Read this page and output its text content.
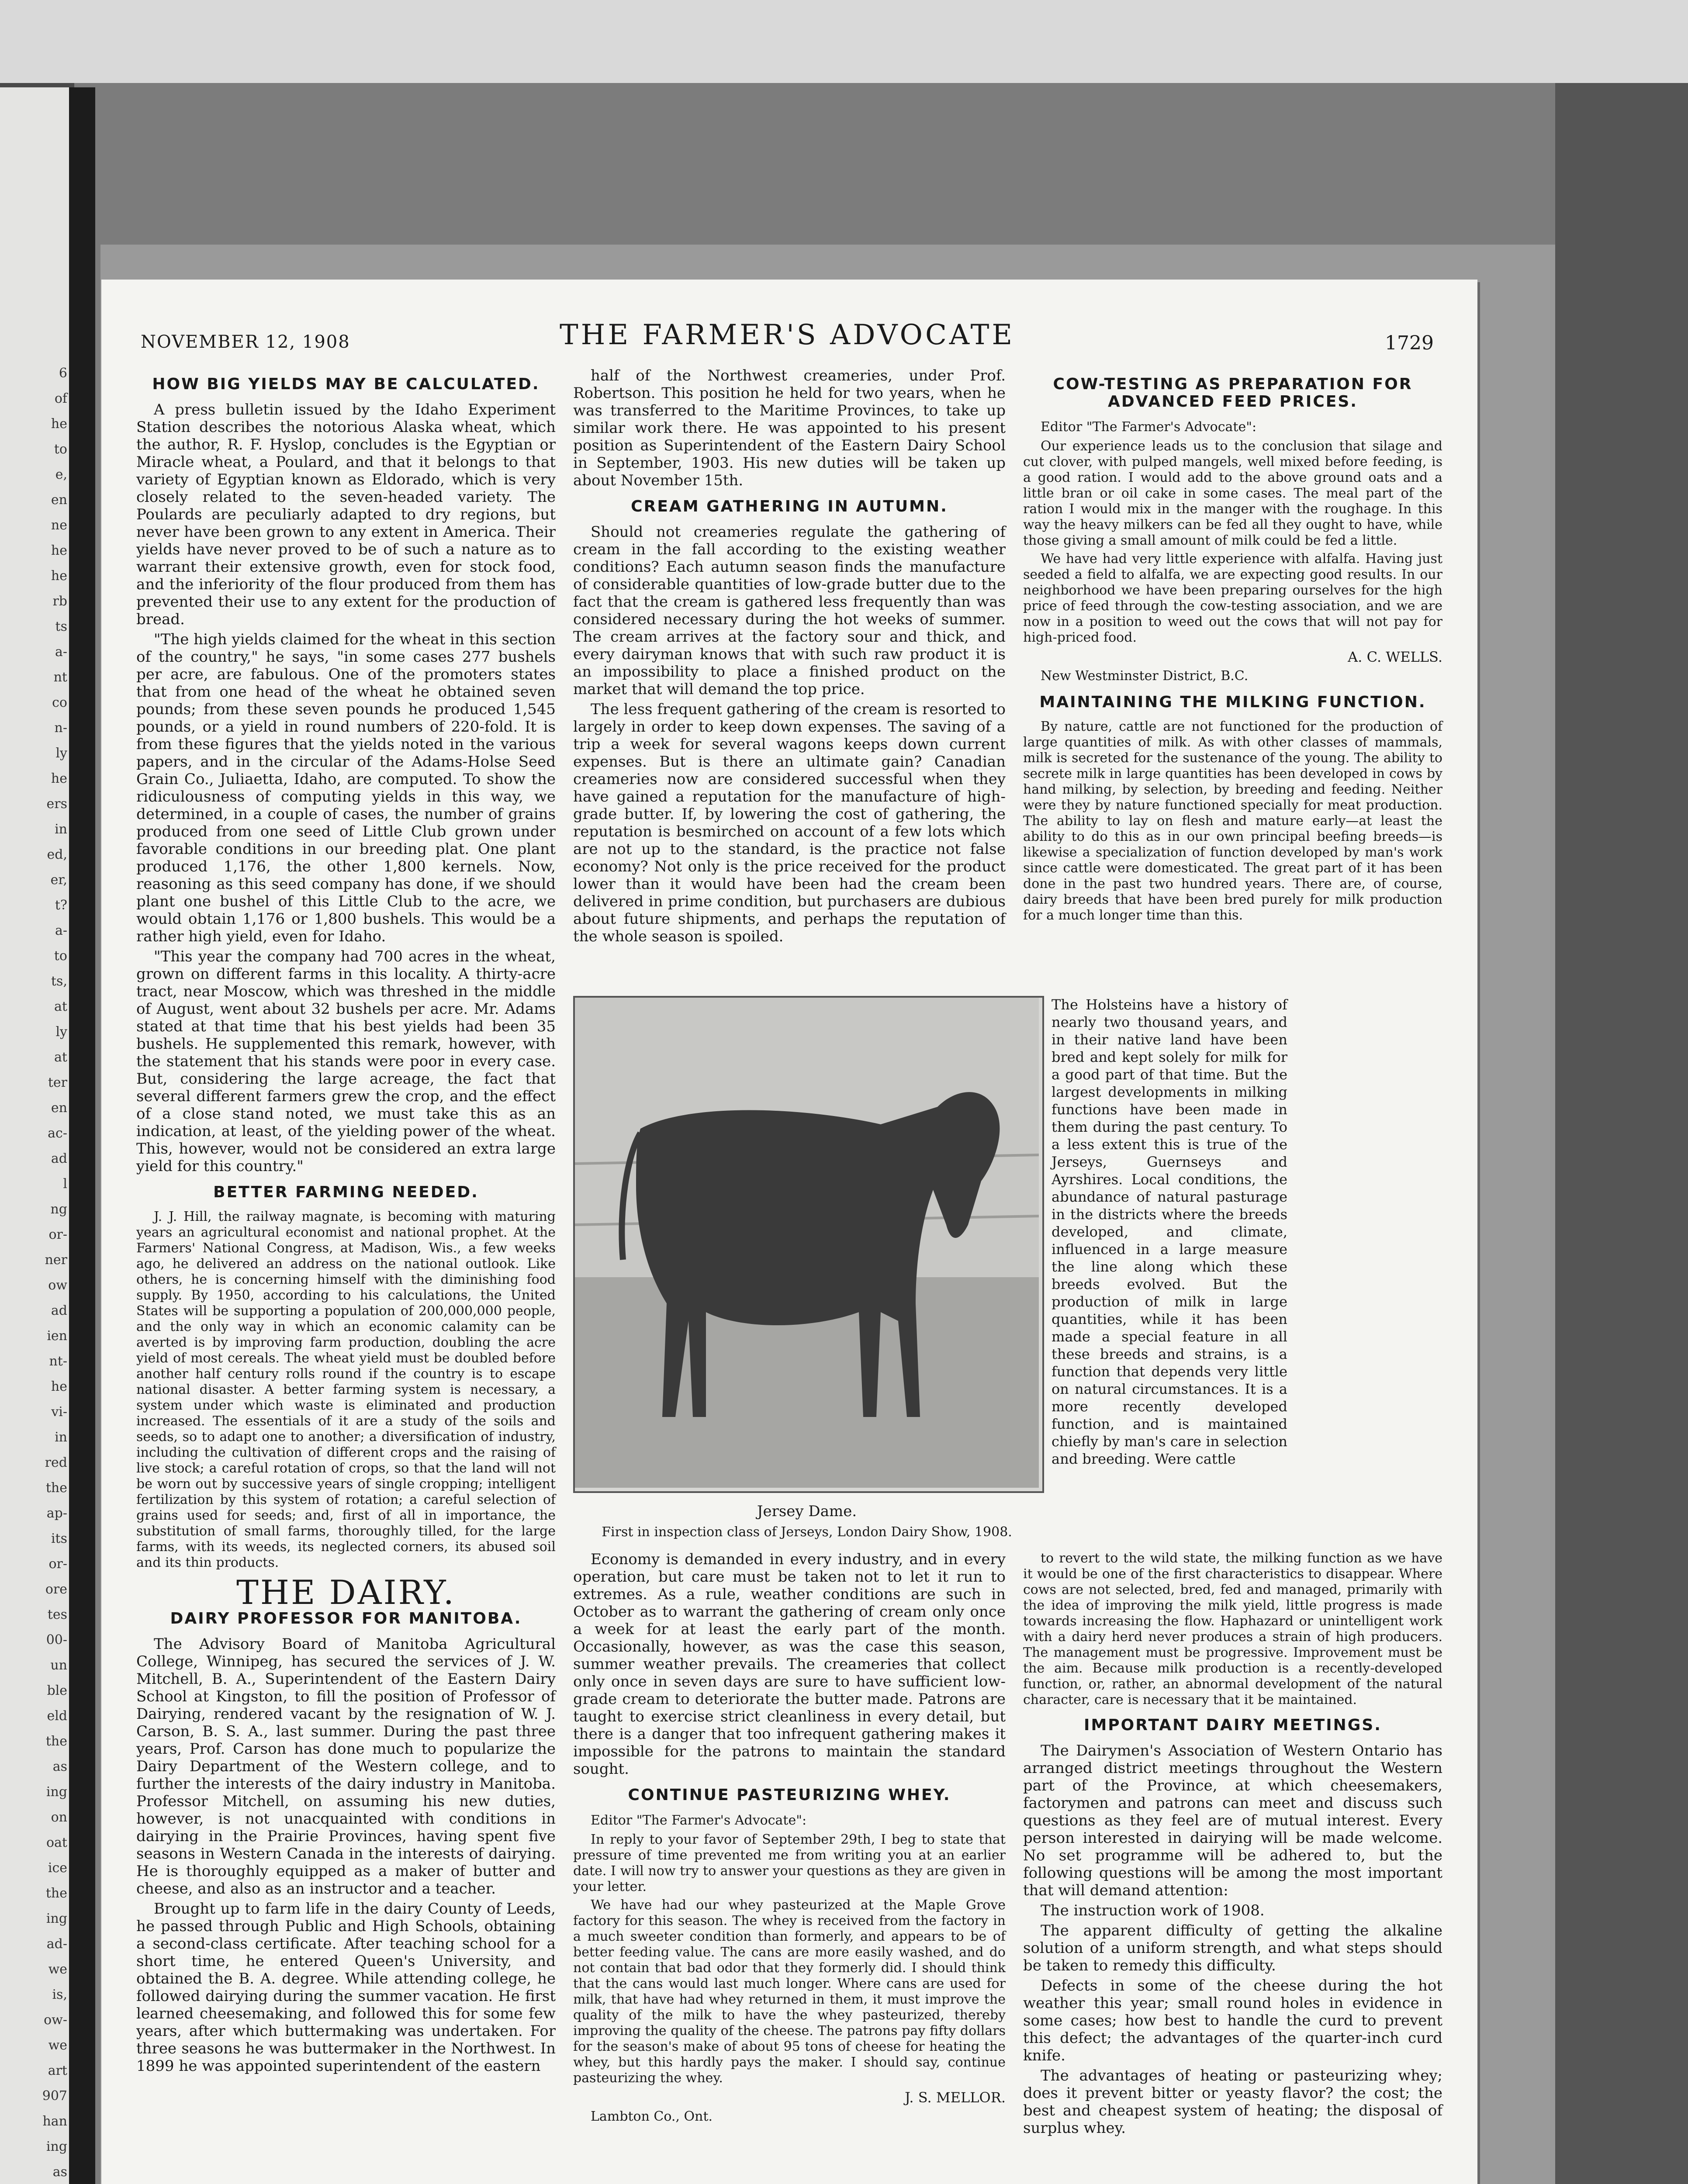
6
of
he
to
e,
en
ne
he
he
rb
ts
a-
nt
co
n-
ly
he
ers
in
ed,
er,
t?
a-
to
ts,
at
ly
at
ter
en
ac-
ad
l
ng
or-
ner
ow
ad
ien
nt-
he
vi-
in
red
the
ap-
its
or-
ore
tes
00-
un
ble
eld
the
as
ing
on
oat
ice
the
ing
ad-
we
is,
ow-
we
art
907
han
ing
as
NOVEMBER 12, 1908	THE FARMER'S ADVOCATE	1729
HOW BIG YIELDS MAY BE CALCULATED.

A press bulletin issued by the Idaho Experiment Station describes the notorious Alaska wheat, which the author, R. F. Hyslop, concludes is the Egyptian or Miracle wheat, a Poulard, and that it belongs to that variety of Egyptian known as Eldorado, which is very closely related to the seven-headed variety. The Poulards are peculiarly adapted to dry regions, but never have been grown to any extent in America. Their yields have never proved to be of such a nature as to warrant their extensive growth, even for stock food, and the inferiority of the flour produced from them has prevented their use to any extent for the production of bread.

"The high yields claimed for the wheat in this section of the country," he says, "in some cases 277 bushels per acre, are fabulous. One of the promoters states that from one head of the wheat he obtained seven pounds; from these seven pounds he produced 1,545 pounds, or a yield in round numbers of 220-fold. It is from these figures that the yields noted in the various papers, and in the circular of the Adams-Holse Seed Grain Co., Juliaetta, Idaho, are computed. To show the ridiculousness of computing yields in this way, we determined, in a couple of cases, the number of grains produced from one seed of Little Club grown under favorable conditions in our breeding plat. One plant produced 1,176, the other 1,800 kernels. Now, reasoning as this seed company has done, if we should plant one bushel of this Little Club to the acre, we would obtain 1,176 or 1,800 bushels. This would be a rather high yield, even for Idaho.

"This year the company had 700 acres in the wheat, grown on different farms in this locality. A thirty-acre tract, near Moscow, which was threshed in the middle of August, went about 32 bushels per acre. Mr. Adams stated at that time that his best yields had been 35 bushels. He supplemented this remark, however, with the statement that his stands were poor in every case. But, considering the large acreage, the fact that several different farmers grew the crop, and the effect of a close stand noted, we must take this as an indication, at least, of the yielding power of the wheat. This, however, would not be considered an extra large yield for this country."

BETTER FARMING NEEDED.

J. J. Hill, the railway magnate, is becoming with maturing years an agricultural economist and national prophet. At the Farmers' National Congress, at Madison, Wis., a few weeks ago, he delivered an address on the national outlook. Like others, he is concerning himself with the diminishing food supply. By 1950, according to his calculations, the United States will be supporting a population of 200,000,000 people, and the only way in which an economic calamity can be averted is by improving farm production, doubling the acre yield of most cereals. The wheat yield must be doubled before another half century rolls round if the country is to escape national disaster. A better farming system is necessary, a system under which waste is eliminated and production increased. The essentials of it are a study of the soils and seeds, so to adapt one to another; a diversification of industry, including the cultivation of different crops and the raising of live stock; a careful rotation of crops, so that the land will not be worn out by successive years of single cropping; intelligent fertilization by this system of rotation; a careful selection of grains used for seeds; and, first of all in importance, the substitution of small farms, thoroughly tilled, for the large farms, with its weeds, its neglected corners, its abused soil and its thin products.

THE DAIRY.
DAIRY PROFESSOR FOR MANITOBA.

The Advisory Board of Manitoba Agricultural College, Winnipeg, has secured the services of J. W. Mitchell, B. A., Superintendent of the Eastern Dairy School at Kingston, to fill the position of Professor of Dairying, rendered vacant by the resignation of W. J. Carson, B. S. A., last summer. During the past three years, Prof. Carson has done much to popularize the Dairy Department of the Western college, and to further the interests of the dairy industry in Manitoba. Professor Mitchell, on assuming his new duties, however, is not unacquainted with conditions in dairying in the Prairie Provinces, having spent five seasons in Western Canada in the interests of dairying. He is thoroughly equipped as a maker of butter and cheese, and also as an instructor and a teacher.

Brought up to farm life in the dairy County of Leeds, he passed through Public and High Schools, obtaining a second-class certificate. After teaching school for a short time, he entered Queen's University, and obtained the B. A. degree. While attending college, he followed dairying during the summer vacation. He first learned cheesemaking, and followed this for some few years, after which buttermaking was undertaken. For three seasons he was buttermaker in the Northwest. In 1899 he was appointed superintendent of the eastern

half of the Northwest creameries, under Prof. Robertson. This position he held for two years, when he was transferred to the Maritime Provinces, to take up similar work there. He was appointed to his present position as Superintendent of the Eastern Dairy School in September, 1903. His new duties will be taken up about November 15th.

CREAM GATHERING IN AUTUMN.

Should not creameries regulate the gathering of cream in the fall according to the existing weather conditions? Each autumn season finds the manufacture of considerable quantities of low-grade butter due to the fact that the cream is gathered less frequently than was considered necessary during the hot weeks of summer. The cream arrives at the factory sour and thick, and every dairyman knows that with such raw product it is an impossibility to place a finished product on the market that will demand the top price.

The less frequent gathering of the cream is resorted to largely in order to keep down expenses. The saving of a trip a week for several wagons keeps down current expenses. But is there an ultimate gain? Canadian creameries now are considered successful when they have gained a reputation for the manufacture of high-grade butter. If, by lowering the cost of gathering, the reputation is besmirched on account of a few lots which are not up to the standard, is the practice not false economy? Not only is the price received for the product lower than it would have been had the cream been delivered in prime condition, but purchasers are dubious about future shipments, and perhaps the reputation of the whole season is spoiled.

COW-TESTING AS PREPARATION FOR ADVANCED FEED PRICES.
Editor "The Farmer's Advocate":

Our experience leads us to the conclusion that silage and cut clover, with pulped mangels, well mixed before feeding, is a good ration. I would add to the above ground oats and a little bran or oil cake in some cases. The meal part of the ration I would mix in the manger with the roughage. In this way the heavy milkers can be fed all they ought to have, while those giving a small amount of milk could be fed a little.

We have had very little experience with alfalfa. Having just seeded a field to alfalfa, we are expecting good results. In our neighborhood we have been preparing ourselves for the high price of feed through the cow-testing association, and we are now in a position to weed out the cows that will not pay for high-priced food.

A. C. WELLS.
New Westminster District, B.C.
MAINTAINING THE MILKING FUNCTION.

By nature, cattle are not functioned for the production of large quantities of milk. As with other classes of mammals, milk is secreted for the sustenance of the young. The ability to secrete milk in large quantities has been developed in cows by hand milking, by selection, by breeding and feeding. Neither were they by nature functioned specially for meat production. The ability to lay on flesh and mature early—at least the ability to do this as in our own principal beefing breeds—is likewise a specialization of function developed by man's work since cattle were domesticated. The great part of it has been done in the past two hundred years. There are, of course, dairy breeds that have been bred purely for milk production for a much longer time than this.

Jersey Dame.
First in inspection class of Jerseys, London Dairy Show, 1908.
The Holsteins have a history of nearly two thousand years, and in their native land have been bred and kept solely for milk for a good part of that time. But the largest developments in milking functions have been made in them during the past century. To a less extent this is true of the Jerseys, Guernseys and Ayrshires. Local conditions, the abundance of natural pasturage in the districts where the breeds developed, and climate, influenced in a large measure the line along which these breeds evolved. But the production of milk in large quantities, while it has been made a special feature in all these breeds and strains, is a function that depends very little on natural circumstances. It is a more recently developed function, and is maintained chiefly by man's care in selection and breeding. Were cattle

Economy is demanded in every industry, and in every operation, but care must be taken not to let it run to extremes. As a rule, weather conditions are such in October as to warrant the gathering of cream only once a week for at least the early part of the month. Occasionally, however, as was the case this season, summer weather prevails. The creameries that collect only once in seven days are sure to have sufficient low-grade cream to deteriorate the butter made. Patrons are taught to exercise strict cleanliness in every detail, but there is a danger that too infrequent gathering makes it impossible for the patrons to maintain the standard sought.

CONTINUE PASTEURIZING WHEY.
Editor "The Farmer's Advocate":

In reply to your favor of September 29th, I beg to state that pressure of time prevented me from writing you at an earlier date. I will now try to answer your questions as they are given in your letter.

We have had our whey pasteurized at the Maple Grove factory for this season. The whey is received from the factory in a much sweeter condition than formerly, and appears to be of better feeding value. The cans are more easily washed, and do not contain that bad odor that they formerly did. I should think that the cans would last much longer. Where cans are used for milk, that have had whey returned in them, it must improve the quality of the milk to have the whey pasteurized, thereby improving the quality of the cheese. The patrons pay fifty dollars for the season's make of about 95 tons of cheese for heating the whey, but this hardly pays the maker. I should say, continue pasteurizing the whey.

J. S. MELLOR.
Lambton Co., Ont.

to revert to the wild state, the milking function as we have it would be one of the first characteristics to disappear. Where cows are not selected, bred, fed and managed, primarily with the idea of improving the milk yield, little progress is made towards increasing the flow. Haphazard or unintelligent work with a dairy herd never produces a strain of high producers. The management must be progressive. Improvement must be the aim. Because milk production is a recently-developed function, or, rather, an abnormal development of the natural character, care is necessary that it be maintained.

IMPORTANT DAIRY MEETINGS.

The Dairymen's Association of Western Ontario has arranged district meetings throughout the Western part of the Province, at which cheesemakers, factorymen and patrons can meet and discuss such questions as they feel are of mutual interest. Every person interested in dairying will be made welcome. No set programme will be adhered to, but the following questions will be among the most important that will demand attention:

The instruction work of 1908.

The apparent difficulty of getting the alkaline solution of a uniform strength, and what steps should be taken to remedy this difficulty.

Defects in some of the cheese during the hot weather this year; small round holes in evidence in some cases; how best to handle the curd to prevent this defect; the advantages of the quarter-inch curd knife.

The advantages of heating or pasteurizing whey; does it prevent bitter or yeasty flavor? the cost; the best and cheapest system of heating; the disposal of surplus whey.
